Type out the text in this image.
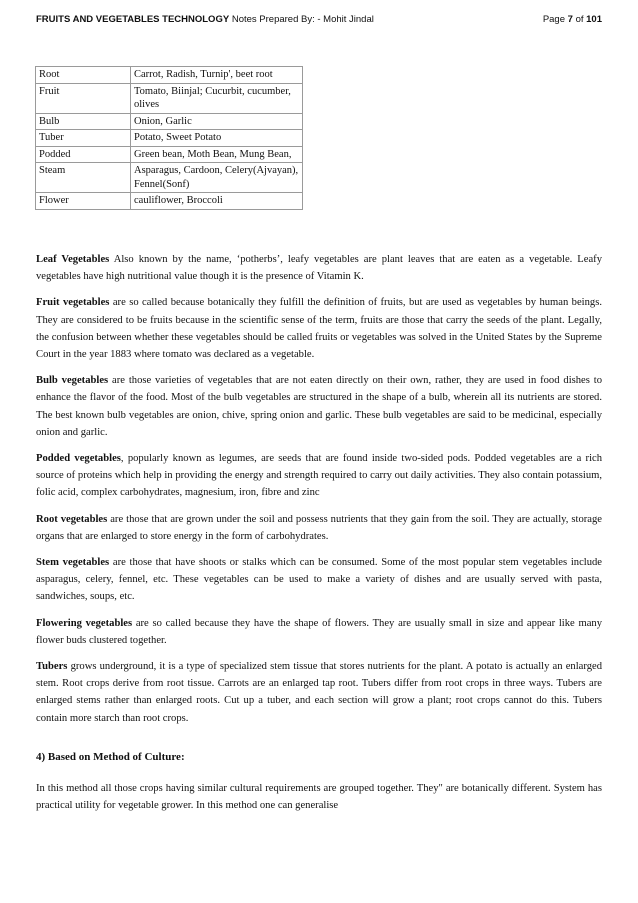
FRUITS AND VEGETABLES TECHNOLOGY Notes Prepared By: - Mohit Jindal	Page 7 of 101
Root	Carrot, Radish, Turnip', beet root
Fruit	Tomato, Biinjal; Cucurbit, cucumber, olives
Bulb	Onion, Garlic
Tuber	Potato, Sweet Potato
Podded	Green bean, Moth Bean, Mung Bean,
Steam	Asparagus, Cardoon, Celery(Ajvayan), Fennel(Sonf)
Flower	cauliflower, Broccoli

Leaf Vegetables Also known by the name, ‘potherbs’, leafy vegetables are plant leaves that are eaten as a vegetable. Leafy vegetables have high nutritional value though it is the presence of Vitamin K.

Fruit vegetables are so called because botanically they fulfill the definition of fruits, but are used as vegetables by human beings. They are considered to be fruits because in the scientific sense of the term, fruits are those that carry the seeds of the plant. Legally, the confusion between whether these vegetables should be called fruits or vegetables was solved in the United States by the Supreme Court in the year 1883 where tomato was declared as a vegetable.

Bulb vegetables are those varieties of vegetables that are not eaten directly on their own, rather, they are used in food dishes to enhance the flavor of the food. Most of the bulb vegetables are structured in the shape of a bulb, wherein all its nutrients are stored. The best known bulb vegetables are onion, chive, spring onion and garlic. These bulb vegetables are said to be medicinal, especially onion and garlic.

Podded vegetables, popularly known as legumes, are seeds that are found inside two-sided pods. Podded vegetables are a rich source of proteins which help in providing the energy and strength required to carry out daily activities. They also contain potassium, folic acid, complex carbohydrates, magnesium, iron, fibre and zinc

Root vegetables are those that are grown under the soil and possess nutrients that they gain from the soil. They are actually, storage organs that are enlarged to store energy in the form of carbohydrates.

Stem vegetables are those that have shoots or stalks which can be consumed. Some of the most popular stem vegetables include asparagus, celery, fennel, etc. These vegetables can be used to make a variety of dishes and are usually served with pasta, sandwiches, soups, etc.

Flowering vegetables are so called because they have the shape of flowers. They are usually small in size and appear like many flower buds clustered together.

Tubers grows underground, it is a type of specialized stem tissue that stores nutrients for the plant. A potato is actually an enlarged stem. Root crops derive from root tissue. Carrots are an enlarged tap root. Tubers differ from root crops in three ways. Tubers are enlarged stems rather than enlarged roots. Cut up a tuber, and each section will grow a plant; root crops cannot do this. Tubers contain more starch than root crops.

4) Based on Method of Culture:

In this method all those crops having similar cultural requirements are grouped together. They" are botanically different. System has practical utility for vegetable grower. In this method one can generalise
